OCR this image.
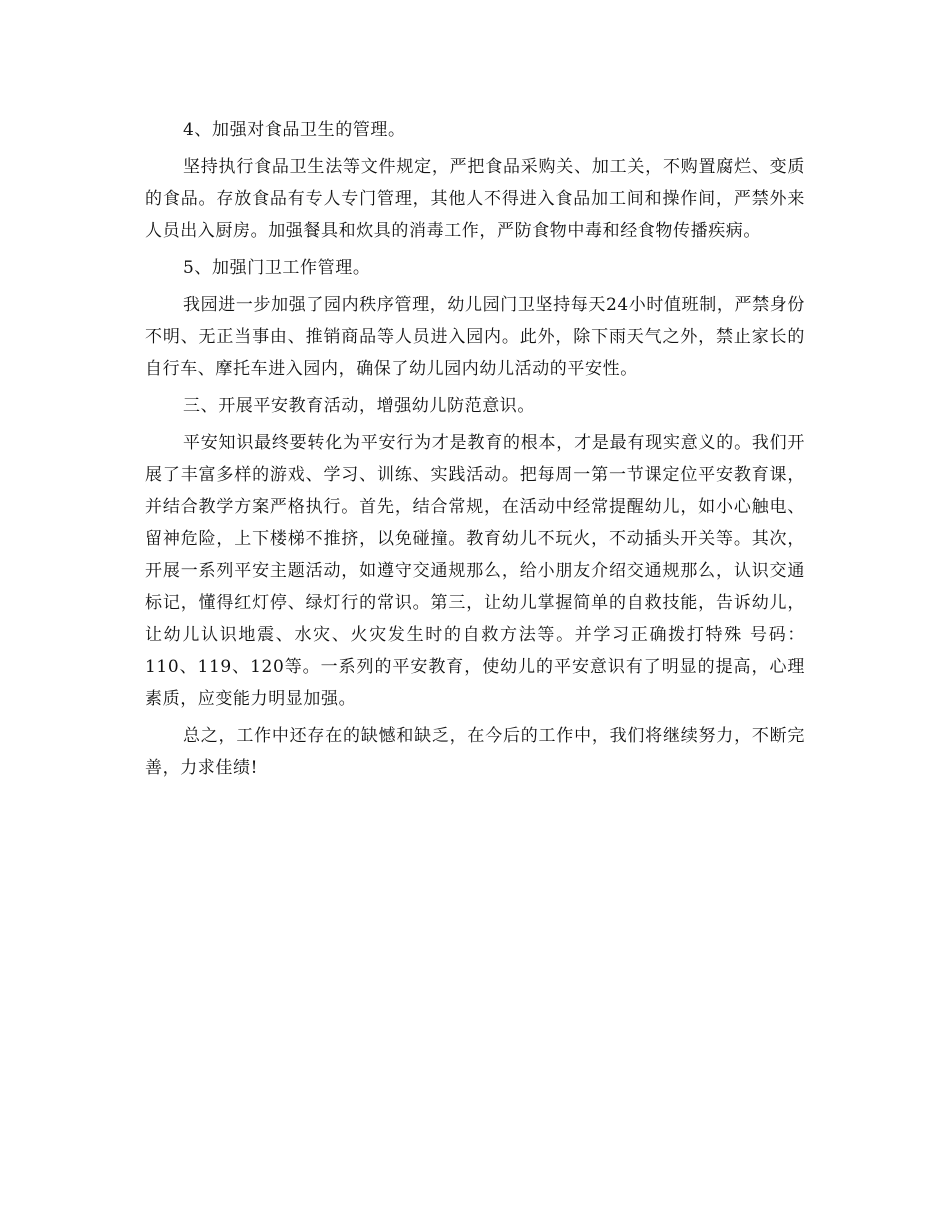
4、加强对食品卫生的管理。

坚持执行食品卫生法等文件规定，严把食品采购关、加工关，不购置腐烂、变质的食品。存放食品有专人专门管理，其他人不得进入食品加工间和操作间，严禁外来人员出入厨房。加强餐具和炊具的消毒工作，严防食物中毒和经食物传播疾病。

5、加强门卫工作管理。

我园进一步加强了园内秩序管理，幼儿园门卫坚持每天24小时值班制，严禁身份不明、无正当事由、推销商品等人员进入园内。此外，除下雨天气之外，禁止家长的自行车、摩托车进入园内，确保了幼儿园内幼儿活动的平安性。

三、开展平安教育活动，增强幼儿防范意识。

平安知识最终要转化为平安行为才是教育的根本，才是最有现实意义的。我们开展了丰富多样的游戏、学习、训练、实践活动。把每周一第一节课定位平安教育课，并结合教学方案严格执行。首先，结合常规，在活动中经常提醒幼儿，如小心触电、留神危险，上下楼梯不推挤，以免碰撞。教育幼儿不玩火，不动插头开关等。其次，开展一系列平安主题活动，如遵守交通规那么，给小朋友介绍交通规那么，认识交通标记，懂得红灯停、绿灯行的常识。第三，让幼儿掌握简单的自救技能，告诉幼儿，让幼儿认识地震、水灾、火灾发生时的自救方法等。并学习正确拨打特殊 号码： 110、119、120等。一系列的平安教育，使幼儿的平安意识有了明显的提高，心理素质，应变能力明显加强。

总之，工作中还存在的缺憾和缺乏，在今后的工作中，我们将继续努力，不断完善，力求佳绩!
